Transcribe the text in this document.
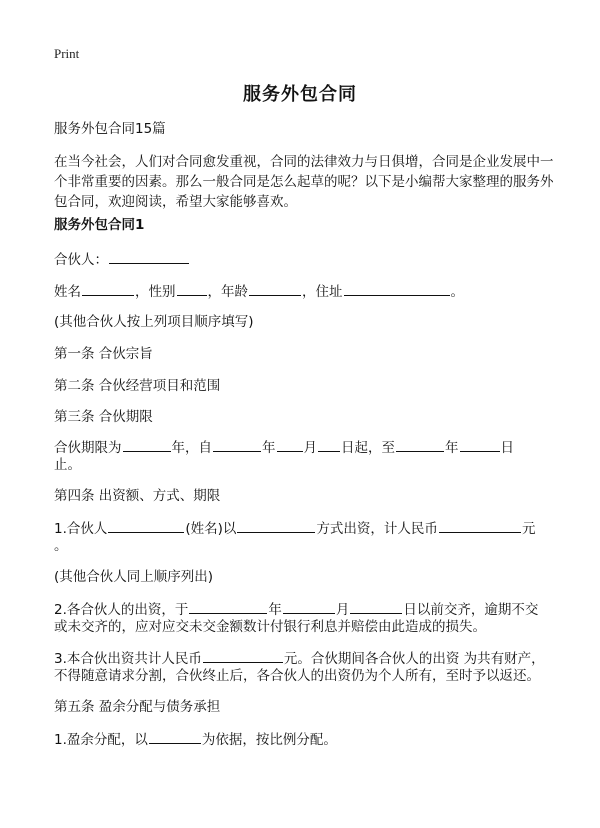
Print
服务外包合同
服务外包合同15篇
在当今社会，人们对合同愈发重视，合同的法律效力与日俱增，合同是企业发展中一个非常重要的因素。那么一般合同是怎么起草的呢？以下是小编帮大家整理的服务外包合同，欢迎阅读，希望大家能够喜欢。
服务外包合同1
合伙人：
姓名	，性别 ，年龄	，住址	。
(其他合伙人按上列项目顺序填写)
第一条 合伙宗旨
第二条 合伙经营项目和范围
第三条 合伙期限
合伙期限为	年，自	年 月 日起，至	年	日
止。
第四条 出资额、方式、期限
1.合伙人	(姓名)以	方式出资，计人民币	元
。
(其他合伙人同上顺序列出)
2.各合伙人的出资，于	年	月	日以前交齐，逾期不交
或未交齐的，应对应交未交金额数计付银行利息并赔偿由此造成的损失。
3.本合伙出资共计人民币	元。合伙期间各合伙人的出资 为共有财产，
不得随意请求分割，合伙终止后，各合伙人的出资仍为个人所有，至时予以返还。
第五条 盈余分配与债务承担
1.盈余分配，以	为依据，按比例分配。
